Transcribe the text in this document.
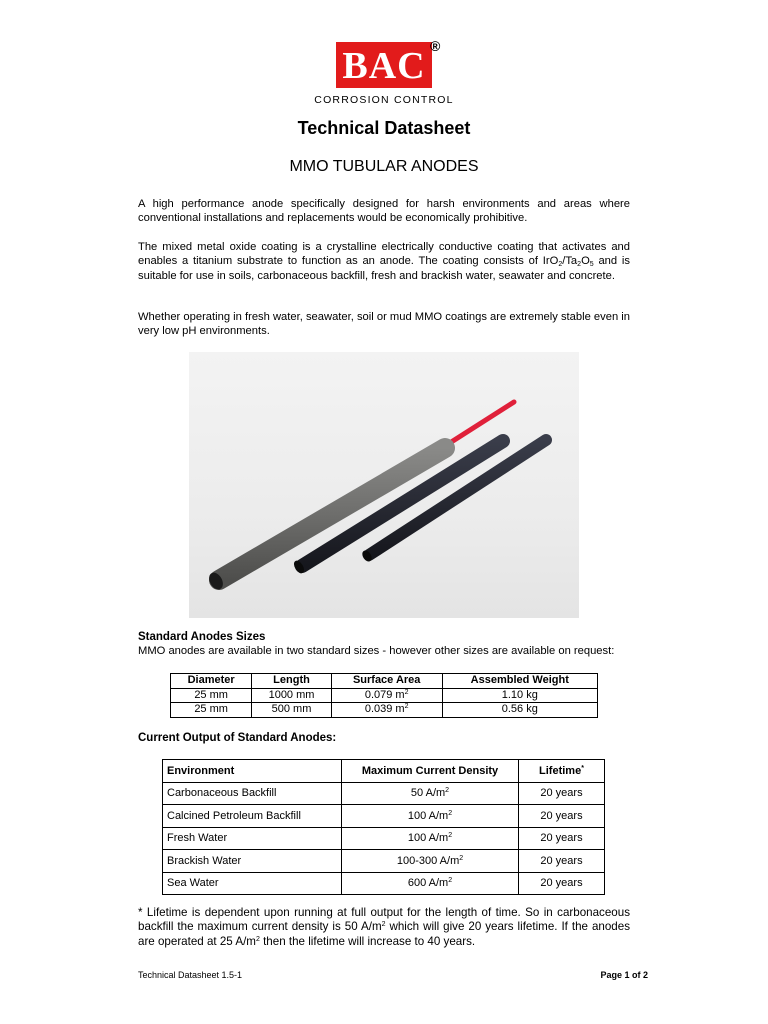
BAC ®
CORROSION CONTROL
Technical Datasheet
MMO TUBULAR ANODES
A high performance anode specifically designed for harsh environments and areas where conventional installations and replacements would be economically prohibitive.
The mixed metal oxide coating is a crystalline electrically conductive coating that activates and enables a titanium substrate to function as an anode. The coating consists of $IrO_2/Ta_2O_5$ and is suitable for use in soils, carbonaceous backfill, fresh and brackish water, seawater and concrete.
Whether operating in fresh water, seawater, soil or mud MMO coatings are extremely stable even in very low pH environments.
Standard Anodes Sizes
MMO anodes are available in two standard sizes - however other sizes are available on request:
Diameter	Length	Surface Area	Assembled Weight
25 mm	1000 mm	0.079 $m^2$	1.10 kg
25 mm	500 mm	0.039 $m^2$	0.56 kg
Current Output of Standard Anodes:
Environment	Maximum Current Density	Lifetime*
Carbonaceous Backfill	50 $A/m^2$	20 years
Calcined Petroleum Backfill	100 $A/m^2$	20 years
Fresh Water	100 $A/m^2$	20 years
Brackish Water	100-300 $A/m^2$	20 years
Sea Water	600 $A/m^2$	20 years
* Lifetime is dependent upon running at full output for the length of time. So in carbonaceous backfill the maximum current density is 50 $A/m^2$ which will give 20 years lifetime. If the anodes are operated at 25 $A/m^2$ then the lifetime will increase to 40 years.
Technical Datasheet 1.5-1	Page 1 of 2
